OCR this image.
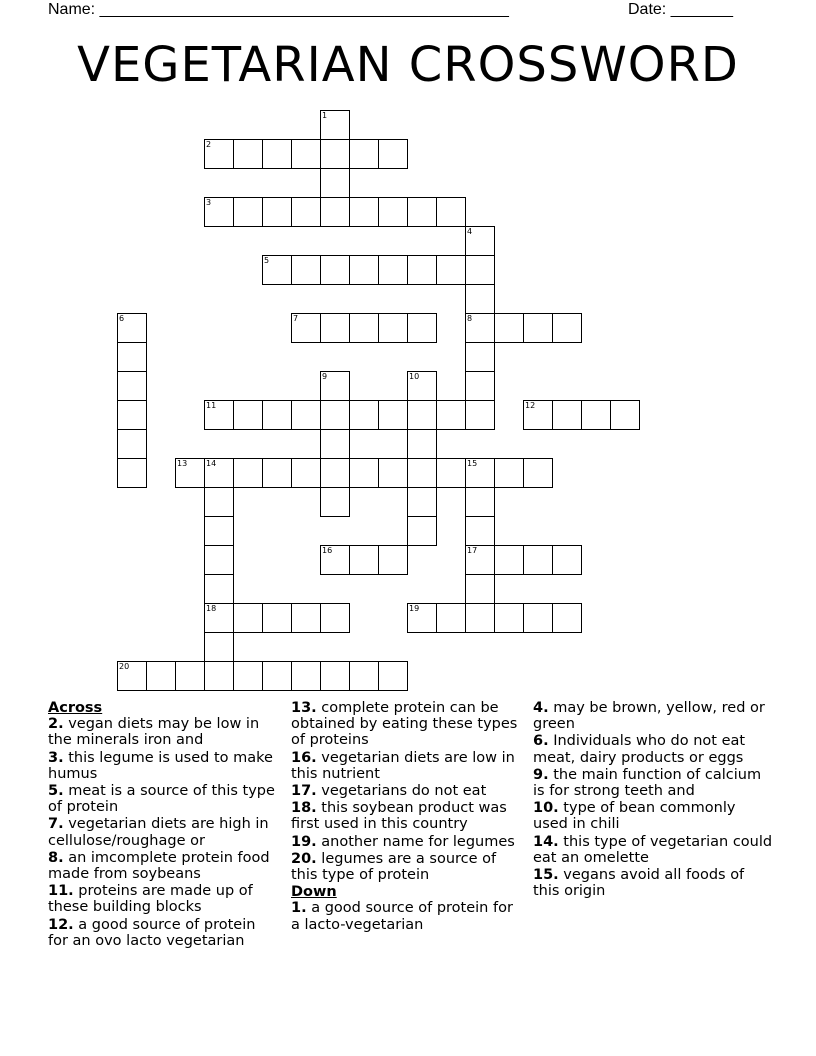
Name: ______________________________________________	Date: _______
VEGETARIAN CROSSWORD
1
2
3
4
5
6	7	8
9	10
11	12
13 14	15
16	17
18	19
20
Across
2. vegan diets may be low in the minerals iron and
3. this legume is used to make humus
5. meat is a source of this type of protein
7. vegetarian diets are high in cellulose/roughage or
8. an imcomplete protein food made from soybeans
11. proteins are made up of these building blocks
12. a good source of protein for an ovo lacto vegetarian
13. complete protein can be obtained by eating these types of proteins
16. vegetarian diets are low in this nutrient
17. vegetarians do not eat
18. this soybean product was first used in this country
19. another name for legumes
20. legumes are a source of this type of protein
Down
1. a good source of protein for a lacto-vegetarian
4. may be brown, yellow, red or green
6. Individuals who do not eat meat, dairy products or eggs
9. the main function of calcium is for strong teeth and
10. type of bean commonly used in chili
14. this type of vegetarian could eat an omelette
15. vegans avoid all foods of this origin
